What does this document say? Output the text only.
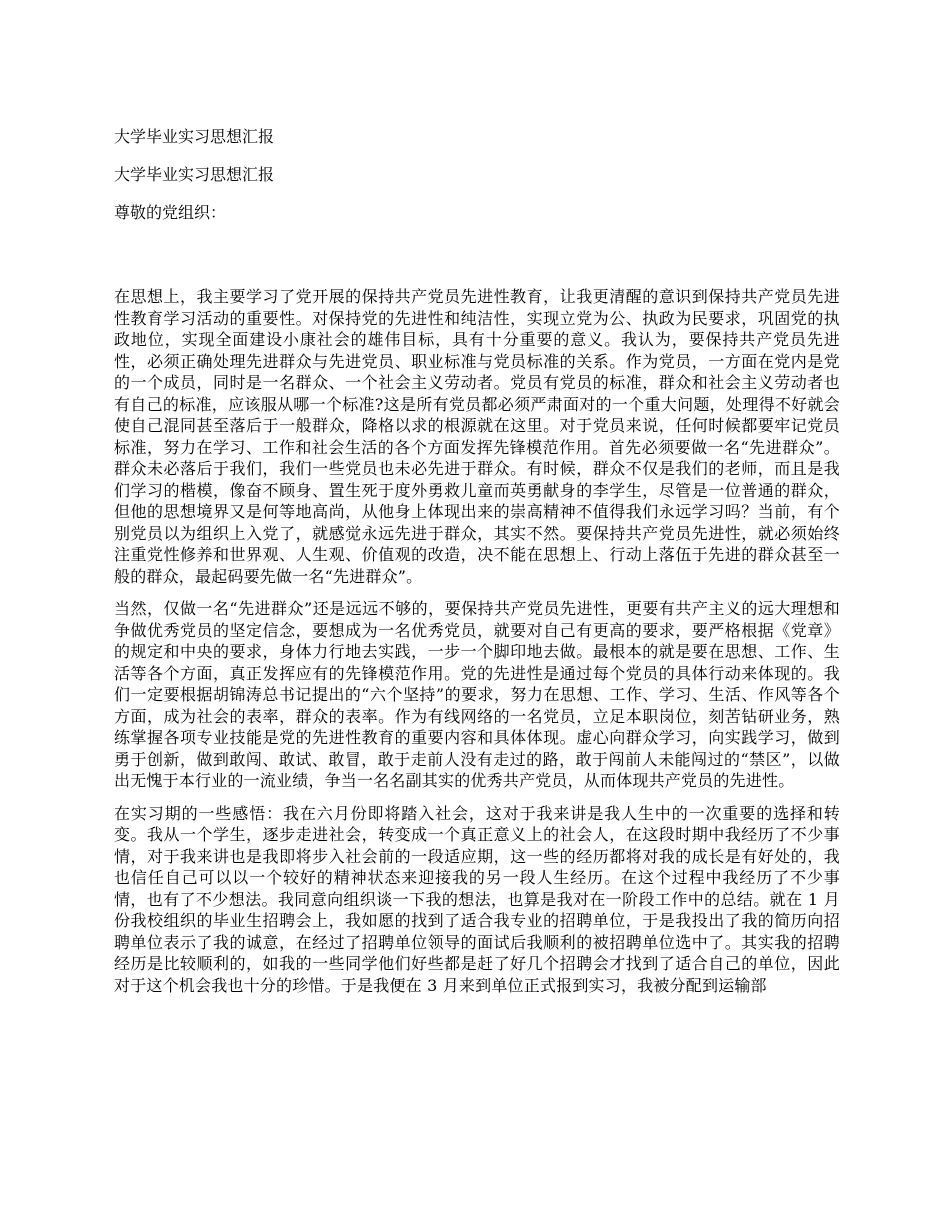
大学毕业实习思想汇报
大学毕业实习思想汇报
尊敬的党组织：

在思想上，我主要学习了党开展的保持共产党员先进性教育，让我更清醒的意识到保持共产党员先进性教育学习活动的重要性。对保持党的先进性和纯洁性，实现立党为公、执政为民要求，巩固党的执政地位，实现全面建设小康社会的雄伟目标，具有十分重要的意义。我认为，要保持共产党员先进性，必须正确处理先进群众与先进党员、职业标准与党员标准的关系。作为党员，一方面在党内是党的一个成员，同时是一名群众、一个社会主义劳动者。党员有党员的标准，群众和社会主义劳动者也有自己的标准，应该服从哪一个标准?这是所有党员都必须严肃面对的一个重大问题，处理得不好就会使自己混同甚至落后于一般群众，降格以求的根源就在这里。对于党员来说，任何时候都要牢记党员标准，努力在学习、工作和社会生活的各个方面发挥先锋模范作用。首先必须要做一名“先进群众”。群众未必落后于我们，我们一些党员也未必先进于群众。有时候，群众不仅是我们的老师，而且是我们学习的楷模，像奋不顾身、置生死于度外勇救儿童而英勇献身的李学生，尽管是一位普通的群众，但他的思想境界又是何等地高尚，从他身上体现出来的崇高精神不值得我们永远学习吗？当前，有个别党员以为组织上入党了，就感觉永远先进于群众，其实不然。要保持共产党员先进性，就必须始终注重党性修养和世界观、人生观、价值观的改造，决不能在思想上、行动上落伍于先进的群众甚至一般的群众，最起码要先做一名“先进群众”。

当然，仅做一名“先进群众”还是远远不够的，要保持共产党员先进性，更要有共产主义的远大理想和争做优秀党员的坚定信念，要想成为一名优秀党员，就要对自己有更高的要求，要严格根据《党章》的规定和中央的要求，身体力行地去实践，一步一个脚印地去做。最根本的就是要在思想、工作、生活等各个方面，真正发挥应有的先锋模范作用。党的先进性是通过每个党员的具体行动来体现的。我们一定要根据胡锦涛总书记提出的“六个坚持”的要求，努力在思想、工作、学习、生活、作风等各个方面，成为社会的表率，群众的表率。作为有线网络的一名党员，立足本职岗位，刻苦钻研业务，熟练掌握各项专业技能是党的先进性教育的重要内容和具体体现。虚心向群众学习，向实践学习，做到勇于创新，做到敢闯、敢试、敢冒，敢于走前人没有走过的路，敢于闯前人未能闯过的“禁区”，以做出无愧于本行业的一流业绩，争当一名名副其实的优秀共产党员，从而体现共产党员的先进性。

在实习期的一些感悟：我在六月份即将踏入社会，这对于我来讲是我人生中的一次重要的选择和转变。我从一个学生，逐步走进社会，转变成一个真正意义上的社会人，在这段时期中我经历了不少事情，对于我来讲也是我即将步入社会前的一段适应期，这一些的经历都将对我的成长是有好处的，我也信任自己可以以一个较好的精神状态来迎接我的另一段人生经历。在这个过程中我经历了不少事情，也有了不少想法。我同意向组织谈一下我的想法，也算是我对在一阶段工作中的总结。就在 1 月份我校组织的毕业生招聘会上，我如愿的找到了适合我专业的招聘单位，于是我投出了我的简历向招聘单位表示了我的诚意，在经过了招聘单位领导的面试后我顺利的被招聘单位选中了。其实我的招聘经历是比较顺利的，如我的一些同学他们好些都是赶了好几个招聘会才找到了适合自己的单位，因此对于这个机会我也十分的珍惜。于是我便在 3 月来到单位正式报到实习，我被分配到运输部
